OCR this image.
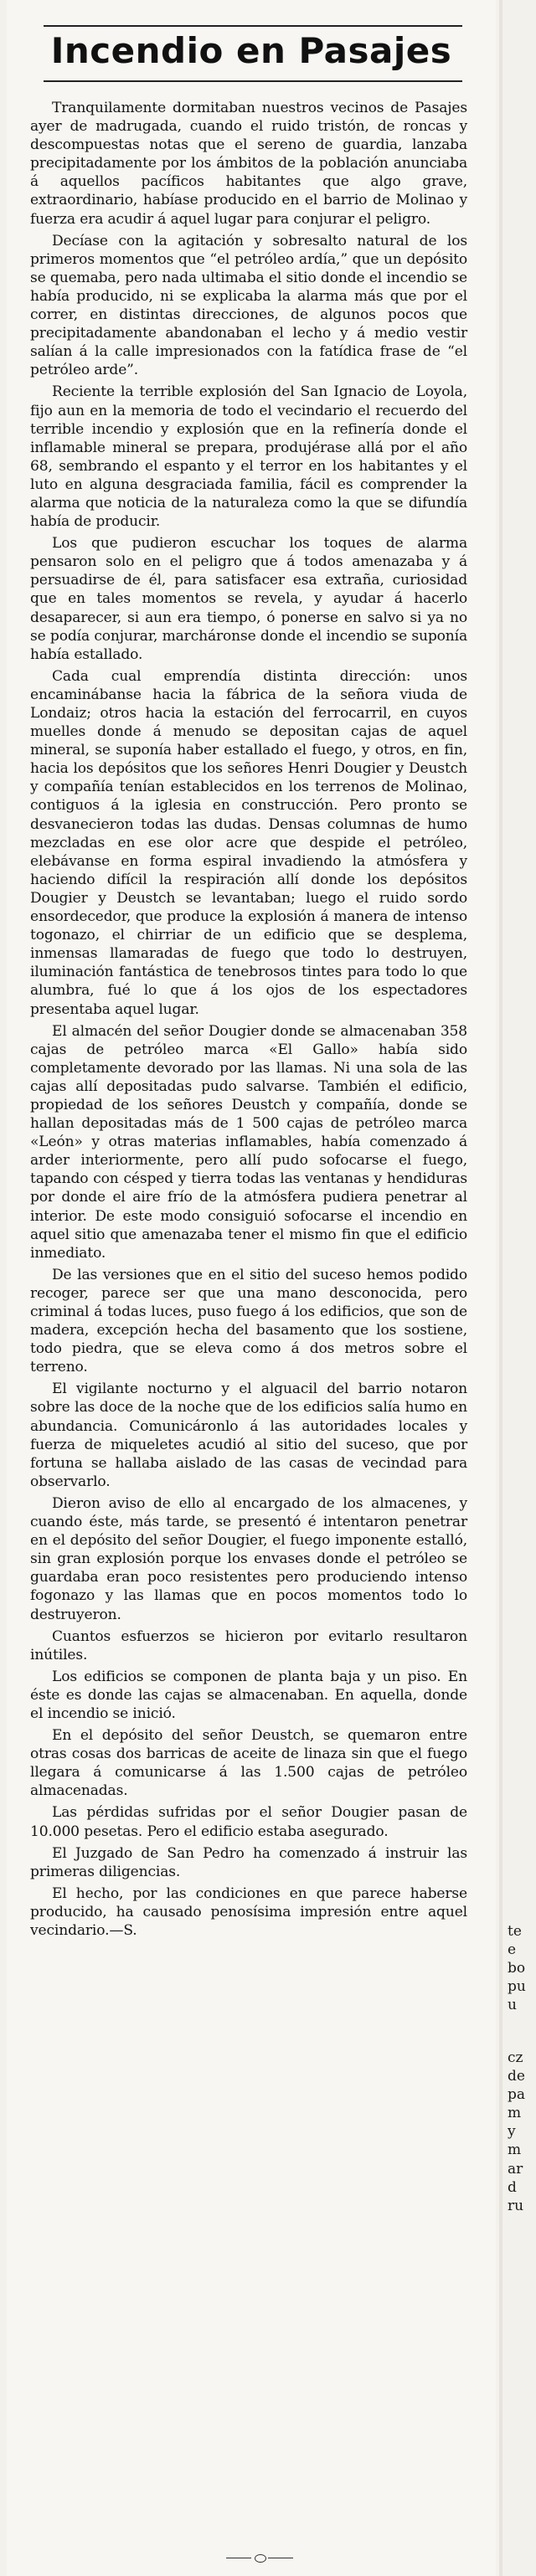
Incendio en Pasajes

Tranquilamente dormitaban nuestros vecinos de Pasajes ayer de madrugada, cuando el ruido tristón, de roncas y descompuestas notas que el sereno de guardia, lanzaba precipitadamente por los ámbitos de la población anunciaba á aquellos pacíficos habitantes que algo grave, extraordinario, habíase producido en el barrio de Molinao y fuerza era acudir á aquel lugar para conjurar el peligro.

Decíase con la agitación y sobresalto natural de los primeros momentos que “el petróleo ardía,” que un depósito se quemaba, pero nada ultimaba el sitio donde el incendio se había producido, ni se explicaba la alarma más que por el correr, en distintas direcciones, de algunos pocos que precipitadamente abandonaban el lecho y á medio vestir salían á la calle impresionados con la fatídica frase de “el petróleo arde”.

Reciente la terrible explosión del San Ignacio de Loyola, fijo aun en la memoria de todo el vecindario el recuerdo del terrible incendio y explosión que en la refinería donde el inflamable mineral se prepara, produjérase allá por el año 68, sembrando el espanto y el terror en los habitantes y el luto en alguna desgraciada familia, fácil es comprender la alarma que noticia de la naturaleza como la que se difundía había de producir.

Los que pudieron escuchar los toques de alarma pensaron solo en el peligro que á todos amenazaba y á persuadirse de él, para satisfacer esa extraña, curiosidad que en tales momentos se revela, y ayudar á hacerlo desaparecer, si aun era tiempo, ó ponerse en salvo si ya no se podía conjurar, marcháronse donde el incendio se suponía había estallado.

Cada cual emprendía distinta dirección: unos encaminábanse hacia la fábrica de la señora viuda de Londaiz; otros hacia la estación del ferrocarril, en cuyos muelles donde á menudo se depositan cajas de aquel mineral, se suponía haber estallado el fuego, y otros, en fin, hacia los depósitos que los señores Henri Dougier y Deustch y compañía tenían establecidos en los terrenos de Molinao, contiguos á la iglesia en construcción. Pero pronto se desvanecieron todas las dudas. Densas columnas de humo mezcladas en ese olor acre que despide el petróleo, elebávanse en forma espiral invadiendo la atmósfera y haciendo difícil la respiración allí donde los depósitos Dougier y Deustch se levantaban; luego el ruido sordo ensordecedor, que produce la explosión á manera de intenso togonazo, el chirriar de un edificio que se desplema, inmensas llamaradas de fuego que todo lo destruyen, iluminación fantástica de tenebrosos tintes para todo lo que alumbra, fué lo que á los ojos de los espectadores presentaba aquel lugar.

El almacén del señor Dougier donde se almacenaban 358 cajas de petróleo marca «El Gallo» había sido completamente devorado por las llamas. Ni una sola de las cajas allí depositadas pudo salvarse. También el edificio, propiedad de los señores Deustch y compañía, donde se hallan depositadas más de 1 500 cajas de petróleo marca «León» y otras materias inflamables, había comenzado á arder interiormente, pero allí pudo sofocarse el fuego, tapando con césped y tierra todas las ventanas y hendiduras por donde el aire frío de la atmósfera pudiera penetrar al interior. De este modo consiguió sofocarse el incendio en aquel sitio que amenazaba tener el mismo fin que el edificio inmediato.

De las versiones que en el sitio del suceso hemos podido recoger, parece ser que una mano desconocida, pero criminal á todas luces, puso fuego á los edificios, que son de madera, excepción hecha del basamento que los sostiene, todo piedra, que se eleva como á dos metros sobre el terreno.

El vigilante nocturno y el alguacil del barrio notaron sobre las doce de la noche que de los edificios salía humo en abundancia. Comunicáronlo á las autoridades locales y fuerza de miqueletes acudió al sitio del suceso, que por fortuna se hallaba aislado de las casas de vecindad para observarlo.

Dieron aviso de ello al encargado de los almacenes, y cuando éste, más tarde, se presentó é intentaron penetrar en el depósito del señor Dougier, el fuego imponente estalló, sin gran explosión porque los envases donde el petróleo se guardaba eran poco resistentes pero produciendo intenso fogonazo y las llamas que en pocos momentos todo lo destruyeron.

Cuantos esfuerzos se hicieron por evitarlo resultaron inútiles.

Los edificios se componen de planta baja y un piso. En éste es donde las cajas se almacenaban. En aquella, donde el incendio se inició.

En el depósito del señor Deustch, se quemaron entre otras cosas dos barricas de aceite de linaza sin que el fuego llegara á comunicarse á las 1.500 cajas de petróleo almacenadas.

Las pérdidas sufridas por el señor Dougier pasan de 10.000 pesetas. Pero el edificio estaba asegurado.

El Juzgado de San Pedro ha comenzado á instruir las primeras diligencias.

El hecho, por las condiciones en que parece haberse producido, ha causado penosísima impresión entre aquel vecindario.—S.	te
e
bo
pu
u
cz
de
pa
m
y
m
ar
d
ru
